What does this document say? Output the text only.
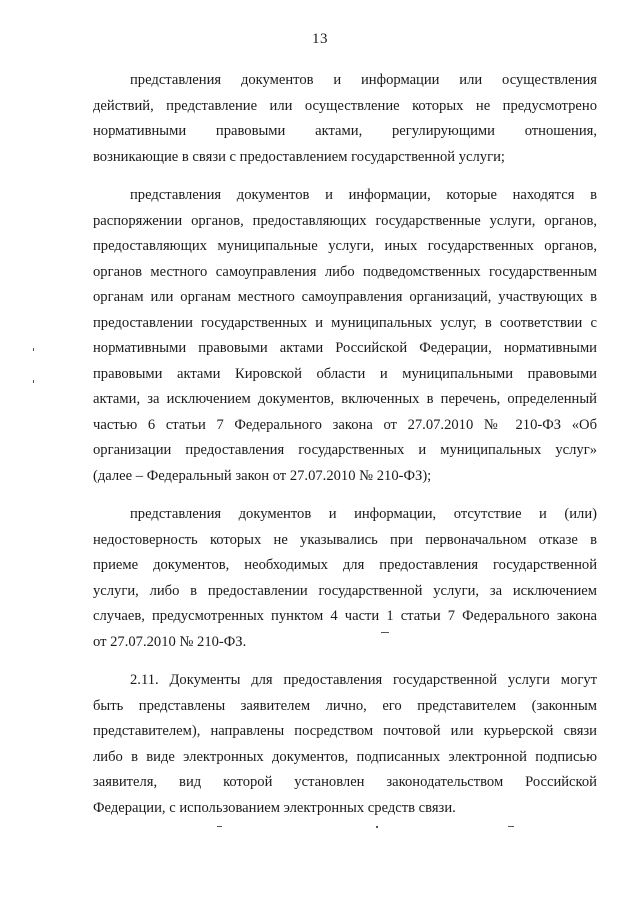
13
представления документов и информации или осуществления
действий, представление или осуществление которых не предусмотрено
нормативными правовыми актами, регулирующими отношения,
возникающие в связи с предоставлением государственной услуги;
представления документов и информации, которые находятся в
распоряжении органов, предоставляющих государственные услуги, органов,
предоставляющих муниципальные услуги, иных государственных органов,
органов местного самоуправления либо подведомственных государственным
органам или органам местного самоуправления организаций, участвующих в
предоставлении государственных и муниципальных услуг, в соответствии с
нормативными правовыми актами Российской Федерации, нормативными
правовыми актами Кировской области и муниципальными правовыми
актами, за исключением документов, включенных в перечень, определенный
частью 6 статьи 7 Федерального закона от 27.07.2010 № 210-ФЗ «Об
организации предоставления государственных и муниципальных услуг»
(далее – Федеральный закон от 27.07.2010 № 210-ФЗ);
представления документов и информации, отсутствие и (или)
недостоверность которых не указывались при первоначальном отказе в
приеме документов, необходимых для предоставления государственной
услуги, либо в предоставлении государственной услуги, за исключением
случаев, предусмотренных пунктом 4 части 1 статьи 7 Федерального закона
от 27.07.2010 № 210-ФЗ.
2.11. Документы для предоставления государственной услуги могут
быть представлены заявителем лично, его представителем (законным
представителем), направлены посредством почтовой или курьерской связи
либо в виде электронных документов, подписанных электронной подписью
заявителя, вид которой установлен законодательством Российской
Федерации, с использованием электронных средств связи.
